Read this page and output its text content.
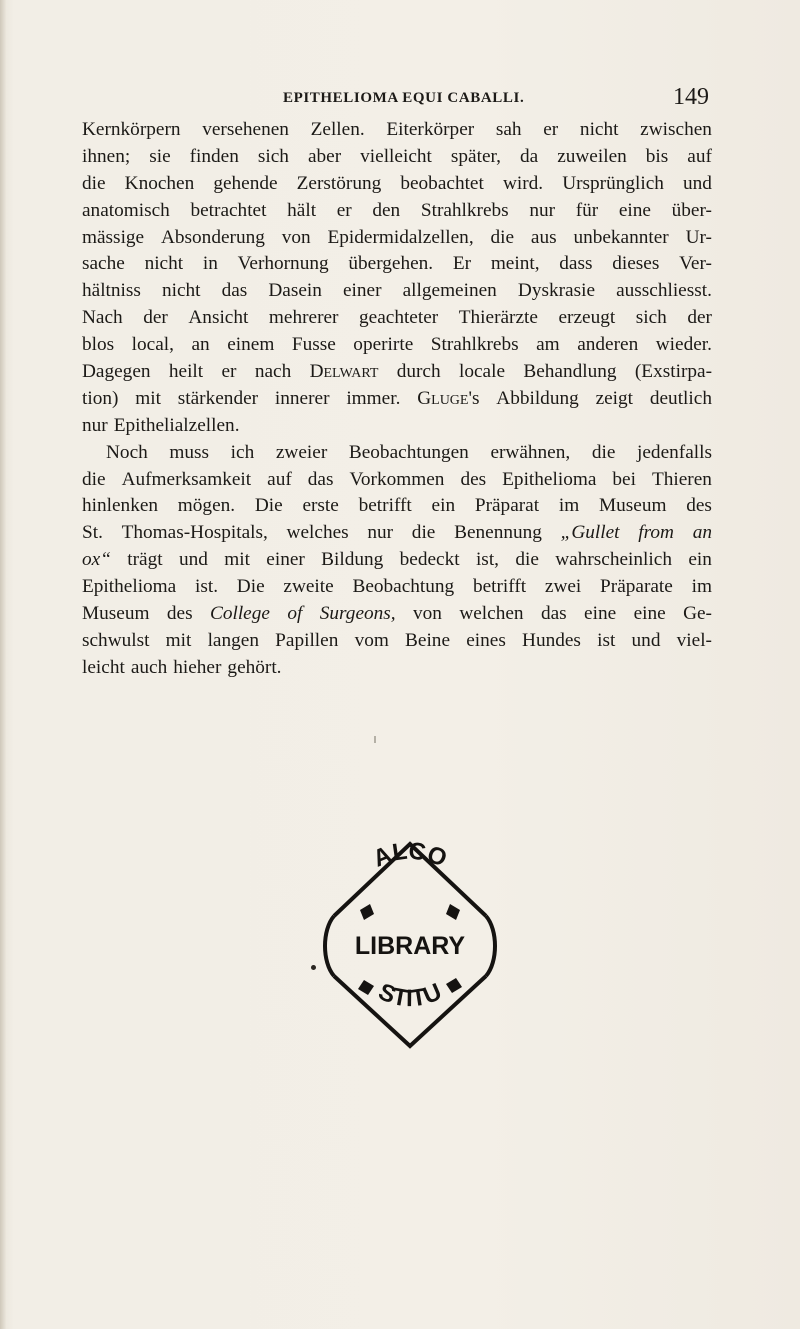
EPITHELIOMA EQUI CABALLI.	149

Kernkörpern versehenen Zellen. Eiterkörper sah er nicht zwischen
ihnen; sie finden sich aber vielleicht später, da zuweilen bis auf
die Knochen gehende Zerstörung beobachtet wird. Ursprünglich und
anatomisch betrachtet hält er den Strahlkrebs nur für eine über-
mässige Absonderung von Epidermidalzellen, die aus unbekannter Ur-
sache nicht in Verhornung übergehen. Er meint, dass dieses Ver-
hältniss nicht das Dasein einer allgemeinen Dyskrasie ausschliesst.
Nach der Ansicht mehrerer geachteter Thierärzte erzeugt sich der
blos local, an einem Fusse operirte Strahlkrebs am anderen wieder.
Dagegen heilt er nach Delwart durch locale Behandlung (Exstirpa-
tion) mit stärkender innerer immer. Gluge's Abbildung zeigt deutlich
nur Epithelialzellen.

Noch muss ich zweier Beobachtungen erwähnen, die jedenfalls
die Aufmerksamkeit auf das Vorkommen des Epithelioma bei Thieren
hinlenken mögen. Die erste betrifft ein Präparat im Museum des
St. Thomas-Hospitals, welches nur die Benennung „Gullet from an
ox“ trägt und mit einer Bildung bedeckt ist, die wahrscheinlich ein
Epithelioma ist. Die zweite Beobachtung betrifft zwei Präparate im
Museum des College of Surgeons, von welchen das eine eine Ge-
schwulst mit langen Papillen vom Beine eines Hundes ist und viel-
leicht auch hieher gehört.

ALCO
LIBRARY
STITU
